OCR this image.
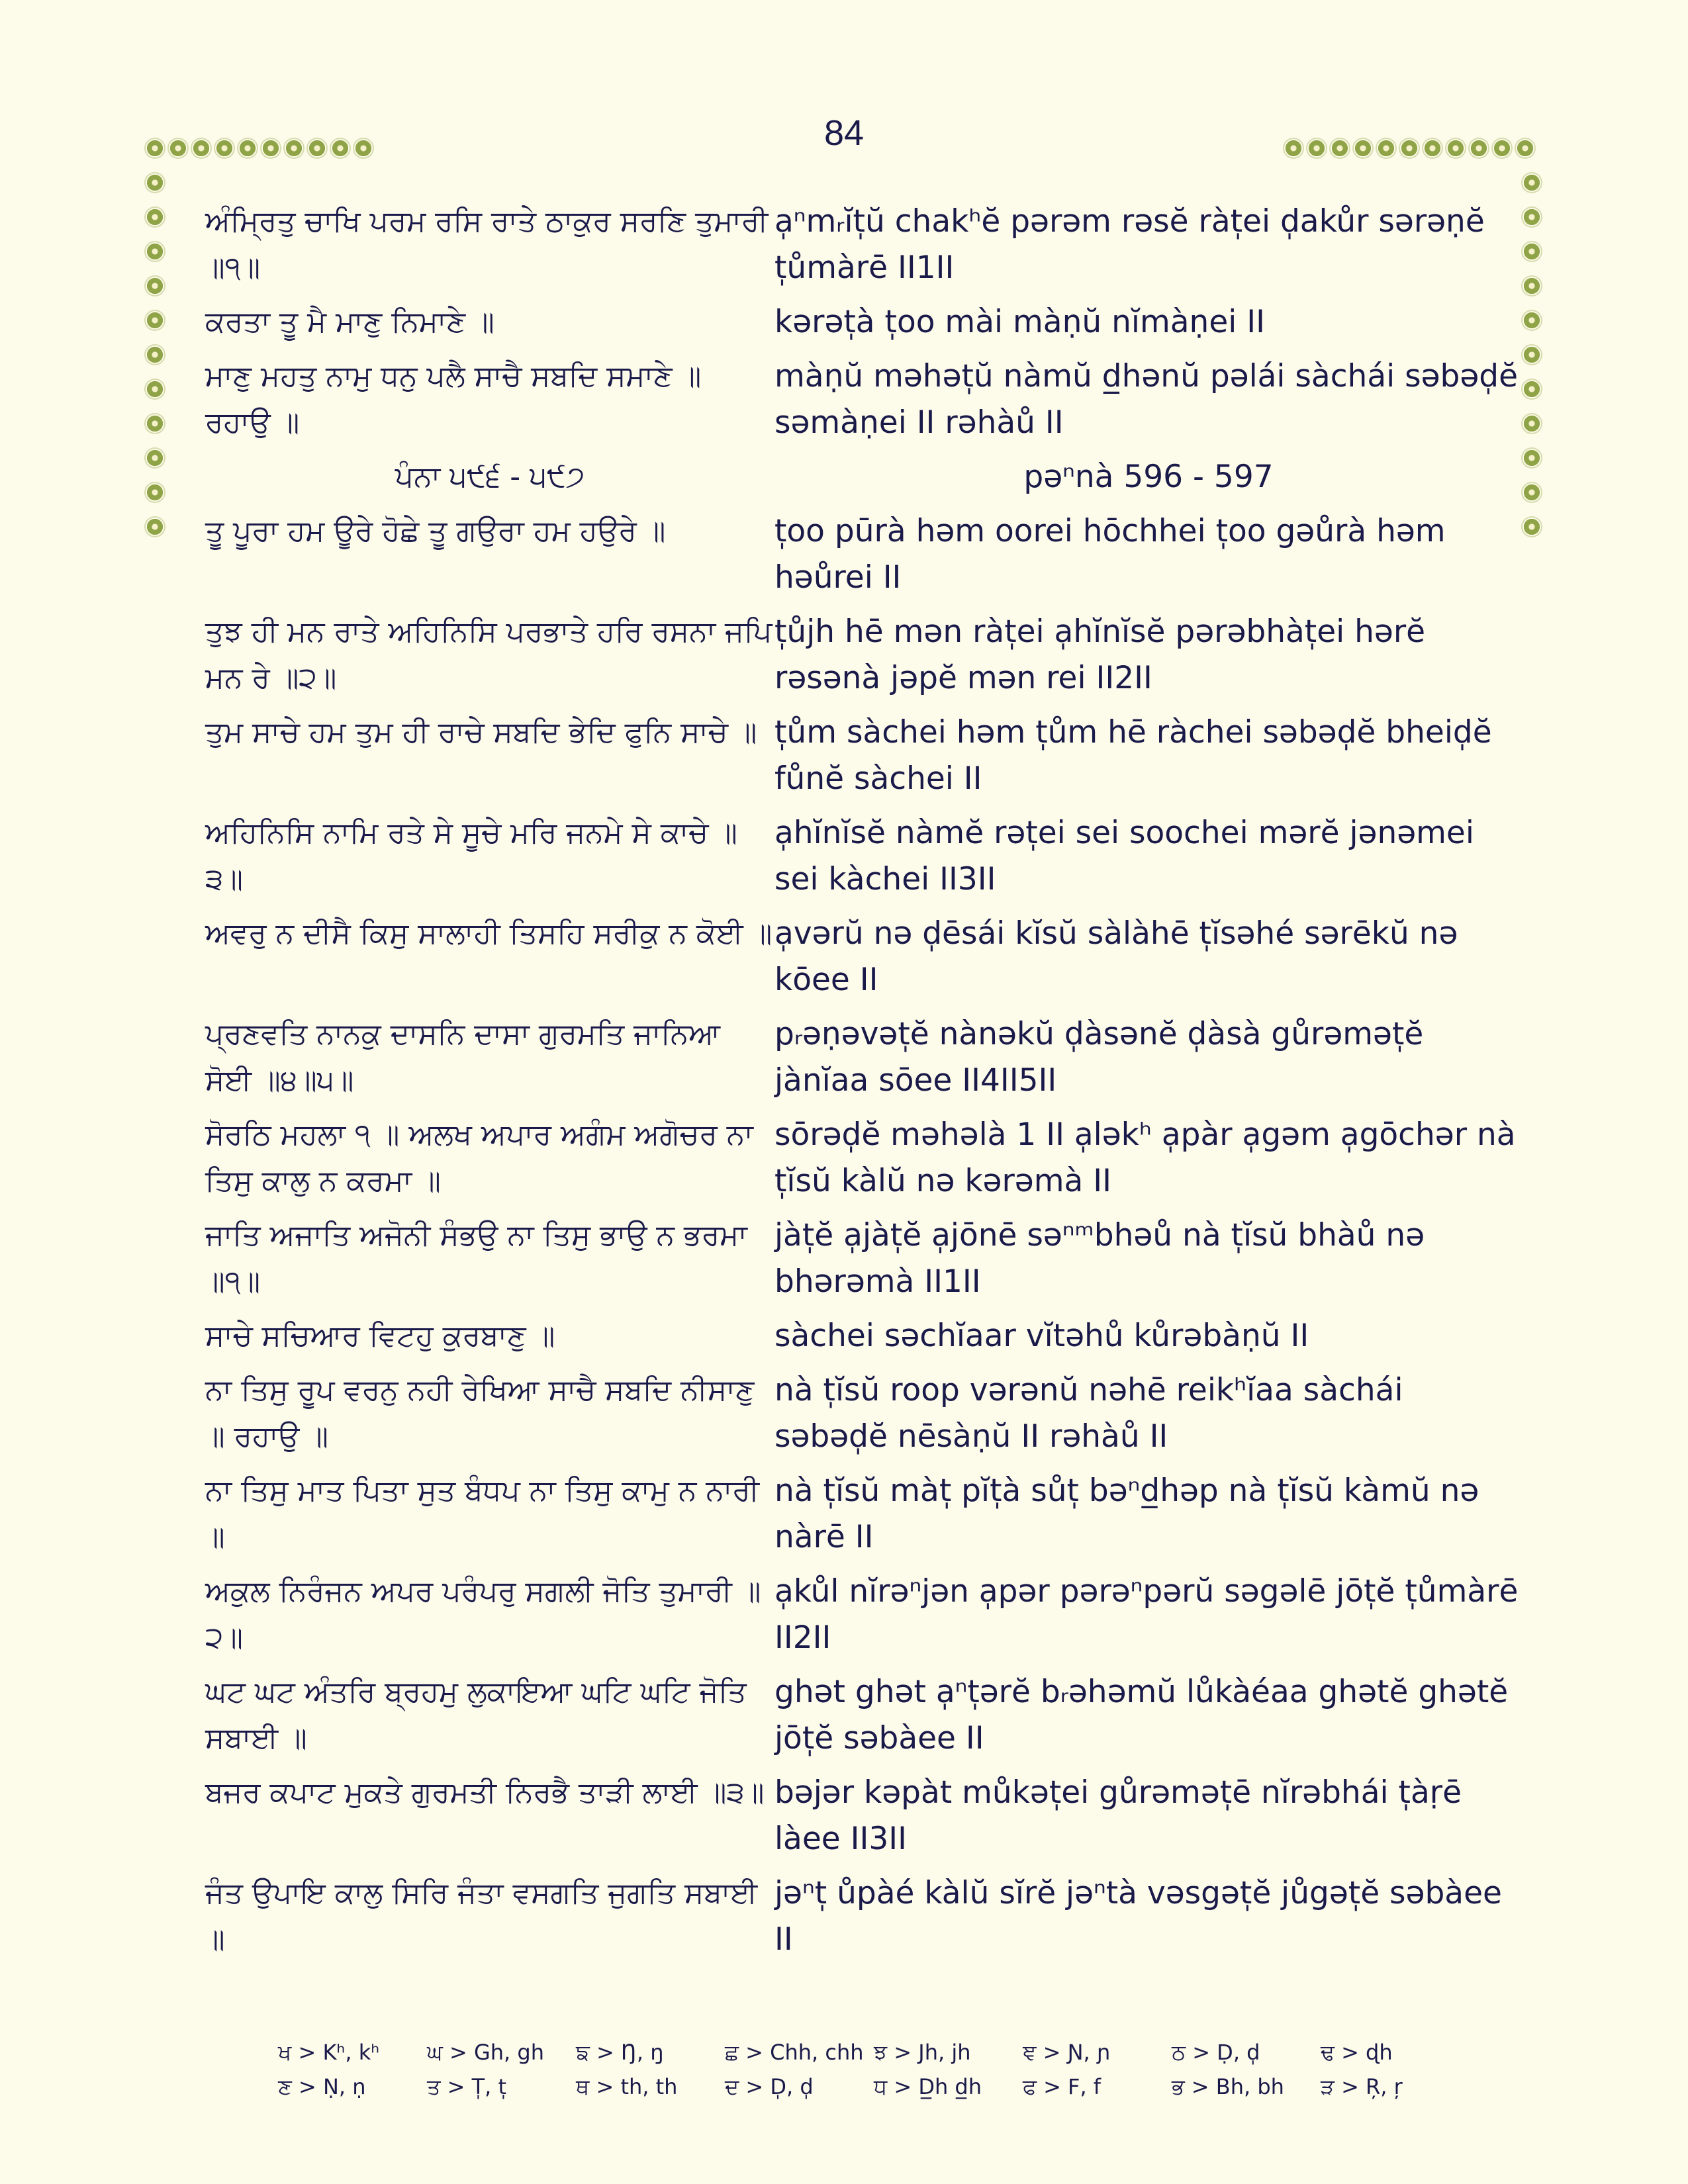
84
ਅੰਮ੍ਰਿਤੁ ਚਾਖਿ ਪਰਮ ਰਸਿ ਰਾਤੇ ਠਾਕੁਰ ਸਰਣਿ ਤੁਮਾਰੀ ॥੧॥
a̩ⁿmᵣĭt̩ŭ chakʰĕ pərəm rəsĕ ràt̩ei d̩akůr sərəṇĕ t̩ůmàrē II1II
ਕਰਤਾ ਤੂ ਮੈ ਮਾਣੁ ਨਿਮਾਣੇ ॥	kərət̩à t̩oo mài màṇŭ nĭmàṇei II
ਮਾਣੁ ਮਹਤੁ ਨਾਮੁ ਧਨੁ ਪਲੈ ਸਾਚੈ ਸਬਦਿ ਸਮਾਣੇ ॥ ਰਹਾਉ ॥
màṇŭ məhət̩ŭ nàmŭ d̲hənŭ pəlái sàchái səbəd̩ĕ səmàṇei II rəhàů II
ਪੰਨਾ ੫੯੬ - ੫੯੭	pəⁿnà 596 - 597
ਤੂ ਪੂਰਾ ਹਮ ਊਰੇ ਹੋਛੇ ਤੂ ਗਉਰਾ ਹਮ ਹਉਰੇ ॥	t̩oo pūrà həm oorei hōchhei t̩oo gəůrà həm həůrei II
ਤੁਝ ਹੀ ਮਨ ਰਾਤੇ ਅਹਿਨਿਸਿ ਪਰਭਾਤੇ ਹਰਿ ਰਸਨਾ ਜਪਿ ਮਨ ਰੇ ॥੨॥
t̩ůjh hē mən ràt̩ei a̩hĭnĭsĕ pərəbhàt̩ei hərĕ rəsənà jəpĕ mən rei II2II
ਤੁਮ ਸਾਚੇ ਹਮ ਤੁਮ ਹੀ ਰਾਚੇ ਸਬਦਿ ਭੇਦਿ ਫੁਨਿ ਸਾਚੇ ॥ t̩ům sàchei həm t̩ům hē ràchei səbəd̩ĕ bheid̩ĕ fůnĕ sàchei II
ਅਹਿਨਿਸਿ ਨਾਮਿ ਰਤੇ ਸੇ ਸੂਚੇ ਮਰਿ ਜਨਮੇ ਸੇ ਕਾਚੇ ॥੩॥
a̩hĭnĭsĕ nàmĕ rət̩ei sei soochei mərĕ jənəmei sei kàchei II3II
ਅਵਰੁ ਨ ਦੀਸੈ ਕਿਸੁ ਸਾਲਾਹੀ ਤਿਸਹਿ ਸਰੀਕੁ ਨ ਕੋਈ ॥ a̩vərŭ nə d̩ēsái kĭsŭ sàlàhē t̩ĭsəhé sərēkŭ nə kōee II
ਪ੍ਰਣਵਤਿ ਨਾਨਕੁ ਦਾਸਨਿ ਦਾਸਾ ਗੁਰਮਤਿ ਜਾਨਿਆ ਸੋਈ ॥੪॥੫॥
pᵣəṇəvət̩ĕ nànəkŭ d̩àsənĕ d̩àsà gůrəmət̩ĕ jànĭaa sōee II4II5II
ਸੋਰਠਿ ਮਹਲਾ ੧ ॥ ਅਲਖ ਅਪਾਰ ਅਗੰਮ ਅਗੋਚਰ ਨਾ ਤਿਸੁ ਕਾਲੁ ਨ ਕਰਮਾ ॥
sōrəd̩ĕ məhəlà 1 II a̩ləkʰ a̩pàr a̩gəm a̩gōchər nà t̩ĭsŭ kàlŭ nə kərəmà II
ਜਾਤਿ ਅਜਾਤਿ ਅਜੋਨੀ ਸੰਭਉ ਨਾ ਤਿਸੁ ਭਾਉ ਨ ਭਰਮਾ ॥੧॥
jàt̩ĕ a̩jàt̩ĕ a̩jōnē səⁿᵐbhəů nà t̩ĭsŭ bhàů nə bhərəmà II1II
ਸਾਚੇ ਸਚਿਆਰ ਵਿਟਹੁ ਕੁਰਬਾਣੁ ॥	sàchei səchĭaar vĭtəhů kůrəbàṇŭ II
ਨਾ ਤਿਸੁ ਰੂਪ ਵਰਨੁ ਨਹੀ ਰੇਖਿਆ ਸਾਚੈ ਸਬਦਿ ਨੀਸਾਣੁ ॥ ਰਹਾਉ ॥
nà t̩ĭsŭ roop vərənŭ nəhē reikʰĭaa sàchái səbəd̩ĕ nēsàṇŭ II rəhàů II
ਨਾ ਤਿਸੁ ਮਾਤ ਪਿਤਾ ਸੁਤ ਬੰਧਪ ਨਾ ਤਿਸੁ ਕਾਮੁ ਨ ਨਾਰੀ ॥
nà t̩ĭsŭ màt̩ pĭt̩à sůt̩ bəⁿd̲həp nà t̩ĭsŭ kàmŭ nə nàrē II
ਅਕੁਲ ਨਿਰੰਜਨ ਅਪਰ ਪਰੰਪਰੁ ਸਗਲੀ ਜੋਤਿ ਤੁਮਾਰੀ ॥੨॥
a̩kůl nĭrəⁿjən a̩pər pərəⁿpərŭ səgəlē jōt̩ĕ t̩ůmàrē II2II
ਘਟ ਘਟ ਅੰਤਰਿ ਬ੍ਰਹਮੁ ਲੁਕਾਇਆ ਘਟਿ ਘਟਿ ਜੋਤਿ ਸਬਾਈ ॥
ghət ghət a̩ⁿt̩ərĕ bᵣəhəmŭ lůkàéaa ghətĕ ghətĕ jōt̩ĕ səbàee II
ਬਜਰ ਕਪਾਟ ਮੁਕਤੇ ਗੁਰਮਤੀ ਨਿਰਭੈ ਤਾੜੀ ਲਾਈ ॥੩॥ bəjər kəpàt můkət̩ei gůrəmət̩ē nĭrəbhái t̩àṛē làee II3II
ਜੰਤ ਉਪਾਇ ਕਾਲੁ ਸਿਰਿ ਜੰਤਾ ਵਸਗਤਿ ਜੁਗਤਿ ਸਬਾਈ ॥
jəⁿt̩ ůpàé kàlŭ sĭrĕ jəⁿtà vəsgət̩ĕ jůgət̩ĕ səbàee II
ਖ > Kʰ, kʰ	ਘ > Gh, gh	ਙ > Ŋ, ŋ	ਛ > Chh, chh ਝ > Jh, jh	ਞ > Ɲ, ɲ	ਠ > Ḍ, d̩	ਢ > ɖh
ਣ > Ṇ, ṇ	ਤ > T̩, t̩	ਥ > th, th	ਦ > D̩, d̩	ਧ > D̲h d̲h	ਫ > F, f	ਭ > Bh, bh	ੜ > Ŗ, ŗ
